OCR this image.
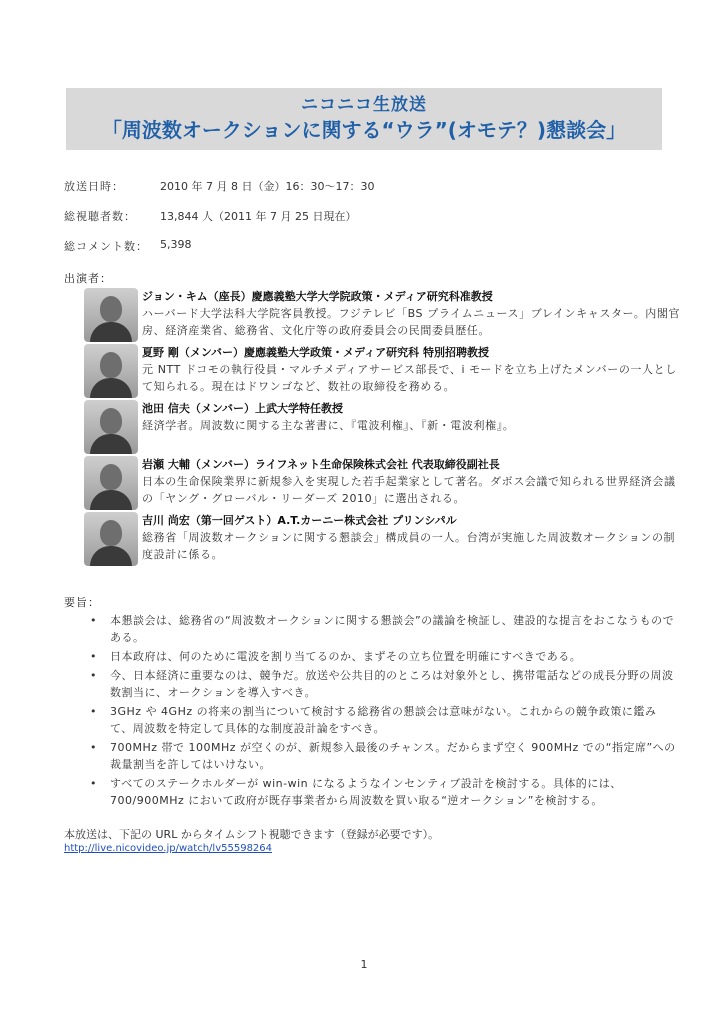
ニコニコ生放送
「周波数オークションに関する“ウラ”(オモテ？)懇談会」
放送日時：	2010 年 7 月 8 日（金）16：30～17：30
総視聴者数： 13,844 人（2011 年 7 月 25 日現在）
総コメント数： 5,398
出演者：
ジョン・キム（座長）慶應義塾大学大学院政策・メディア研究科准教授
ハーバード大学法科大学院客員教授。フジテレビ「BS プライムニュース」ブレインキャスター。内閣官房、経済産業省、総務省、文化庁等の政府委員会の民間委員歴任。
夏野 剛（メンバー）慶應義塾大学政策・メディア研究科 特別招聘教授
元 NTT ドコモの執行役員・マルチメディアサービス部長で、i モードを立ち上げたメンバーの一人として知られる。現在はドワンゴなど、数社の取締役を務める。
池田 信夫（メンバー）上武大学特任教授
経済学者。周波数に関する主な著書に、『電波利権』、『新・電波利権』。
岩瀬 大輔（メンバー）ライフネット生命保険株式会社 代表取締役副社長
日本の生命保険業界に新規参入を実現した若手起業家として著名。ダボス会議で知られる世界経済会議の「ヤング・グローバル・リーダーズ 2010」に選出される。
吉川 尚宏（第一回ゲスト）A.T.カーニー株式会社 プリンシパル
総務省「周波数オークションに関する懇談会」構成員の一人。台湾が実施した周波数オークションの制度設計に係る。
要旨：
• 本懇談会は、総務省の“周波数オークションに関する懇談会”の議論を検証し、建設的な提言をおこなうものである。
• 日本政府は、何のために電波を割り当てるのか、まずその立ち位置を明確にすべきである。
• 今、日本経済に重要なのは、競争だ。放送や公共目的のところは対象外とし、携帯電話などの成長分野の周波数割当に、オークションを導入すべき。
• 3GHz や 4GHz の将来の割当について検討する総務省の懇談会は意味がない。これからの競争政策に鑑みて、周波数を特定して具体的な制度設計論をすべき。
• 700MHz 帯で 100MHz が空くのが、新規参入最後のチャンス。だからまず空く 900MHz での“指定席”への裁量割当を許してはいけない。
• すべてのステークホルダーが win-win になるようなインセンティブ設計を検討する。具体的には、700/900MHz において政府が既存事業者から周波数を買い取る“逆オークション”を検討する。
本放送は、下記の URL からタイムシフト視聴できます（登録が必要です）。
http://live.nicovideo.jp/watch/lv55598264
1
